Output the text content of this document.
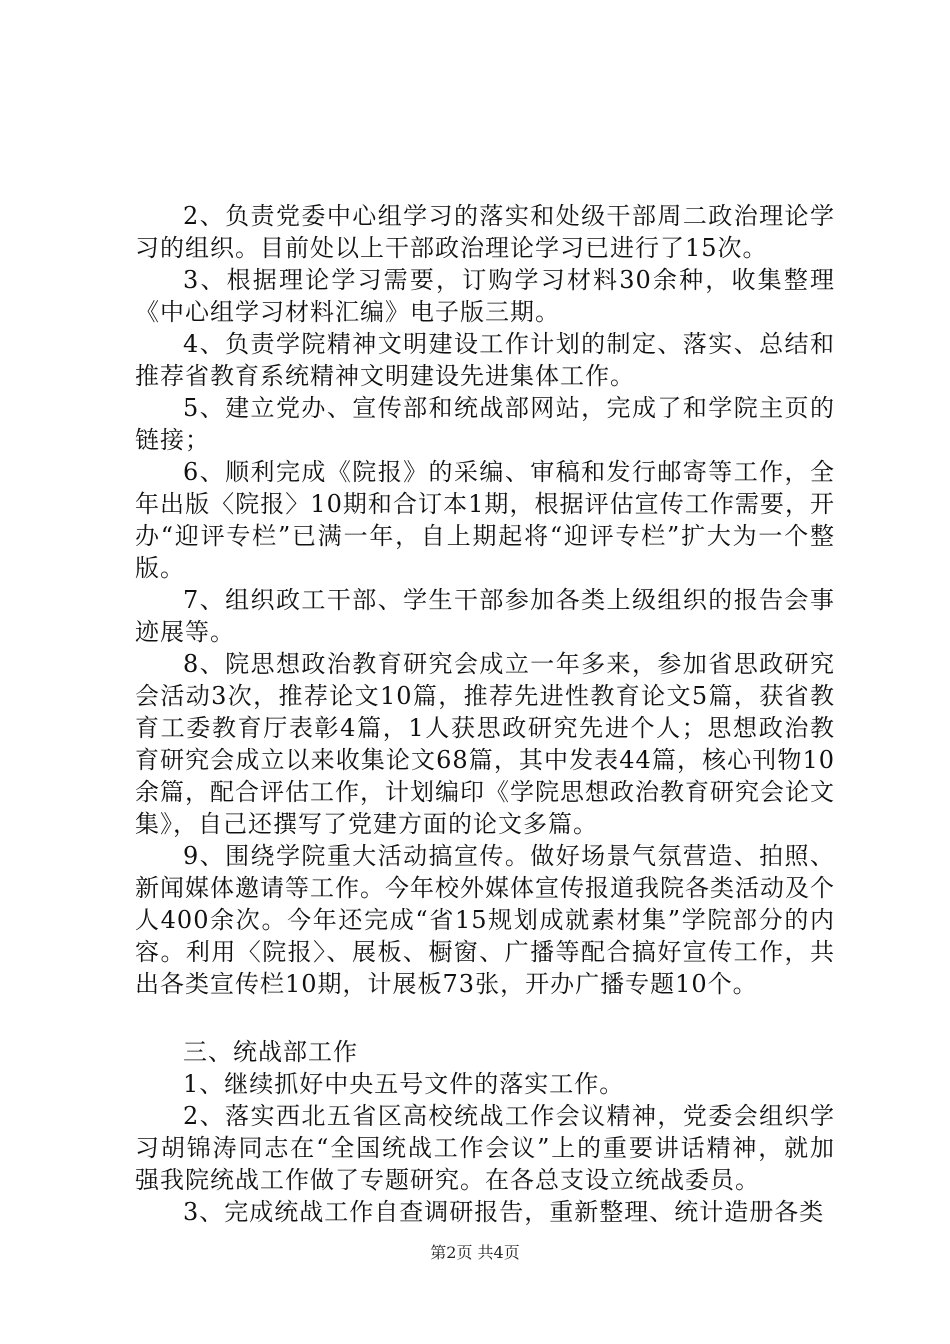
2、负责党委中心组学习的落实和处级干部周二政治理论学习的组织。目前处以上干部政治理论学习已进行了15次。

3、根据理论学习需要，订购学习材料30余种，收集整理《中心组学习材料汇编》电子版三期。

4、负责学院精神文明建设工作计划的制定、落实、总结和推荐省教育系统精神文明建设先进集体工作。

5、建立党办、宣传部和统战部网站，完成了和学院主页的链接；

6、顺利完成《院报》的采编、审稿和发行邮寄等工作，全年出版〈院报〉10期和合订本1期，根据评估宣传工作需要，开办“迎评专栏”已满一年，自上期起将“迎评专栏”扩大为一个整版。

7、组织政工干部、学生干部参加各类上级组织的报告会事迹展等。

8、院思想政治教育研究会成立一年多来，参加省思政研究会活动3次，推荐论文10篇，推荐先进性教育论文5篇，获省教育工委教育厅表彰4篇，1人获思政研究先进个人；思想政治教育研究会成立以来收集论文68篇，其中发表44篇，核心刊物10余篇，配合评估工作，计划编印《学院思想政治教育研究会论文集》，自己还撰写了党建方面的论文多篇。

9、围绕学院重大活动搞宣传。做好场景气氛营造、拍照、新闻媒体邀请等工作。今年校外媒体宣传报道我院各类活动及个人400余次。今年还完成“省15规划成就素材集”学院部分的内容。利用〈院报〉、展板、橱窗、广播等配合搞好宣传工作，共出各类宣传栏10期，计展板73张，开办广播专题10个。

三、统战部工作

1、继续抓好中央五号文件的落实工作。

2、落实西北五省区高校统战工作会议精神，党委会组织学习胡锦涛同志在“全国统战工作会议”上的重要讲话精神，就加强我院统战工作做了专题研究。在各总支设立统战委员。

3、完成统战工作自查调研报告，重新整理、统计造册各类

第2页 共4页
